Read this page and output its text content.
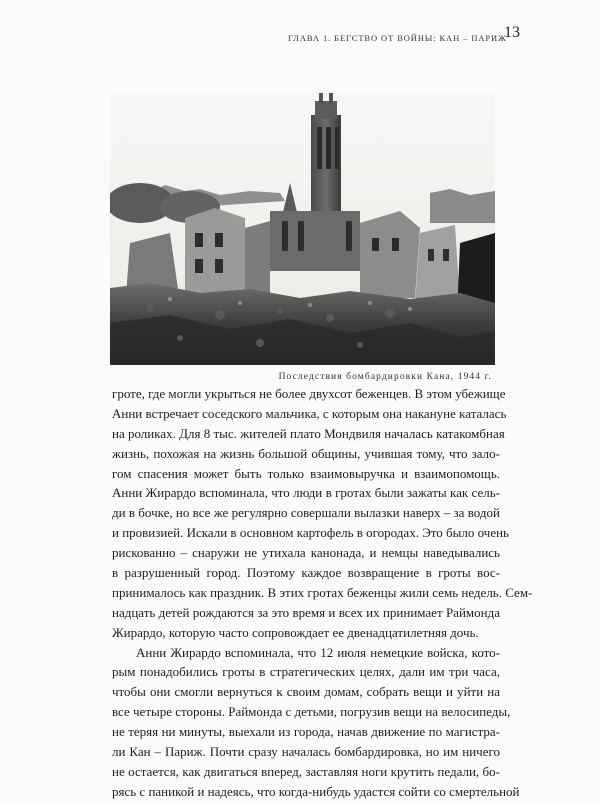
ГЛАВА 1. БЕГСТВО ОТ ВОЙНЫ: КАН – ПАРИЖ
13
Последствия бомбардировки Кана, 1944 г.
гроте, где могли укрыться не более двухсот беженцев. В этом убежище
Анни встречает соседского мальчика, с которым она накануне каталась
на роликах. Для 8 тыс. жителей плато Мондвиля началась катакомбная
жизнь, похожая на жизнь большой общины, учившая тому, что зало-
гом спасения может быть только взаимовыручка и взаимопомощь.
Анни Жирардо вспоминала, что люди в гротах были зажаты как сель-
ди в бочке, но все же регулярно совершали вылазки наверх – за водой
и провизией. Искали в основном картофель в огородах. Это было очень
рискованно – снаружи не утихала канонада, и немцы наведывались
в разрушенный город. Поэтому каждое возвращение в гроты вос-
принималось как праздник. В этих гротах беженцы жили семь недель. Сем-
надцать детей рождаются за это время и всех их принимает Раймонда
Жирардо, которую часто сопровождает ее двенадцатилетняя дочь.
Анни Жирардо вспоминала, что 12 июля немецкие войска, кото-
рым понадобились гроты в стратегических целях, дали им три часа,
чтобы они смогли вернуться к своим домам, собрать вещи и уйти на
все четыре стороны. Раймонда с детьми, погрузив вещи на велосипеды,
не теряя ни минуты, выехали из города, начав движение по магистра-
ли Кан – Париж. Почти сразу началась бомбардировка, но им ничего
не остается, как двигаться вперед, заставляя ноги крутить педали, бо-
рясь с паникой и надеясь, что когда-нибудь удастся сойти со смертельной
